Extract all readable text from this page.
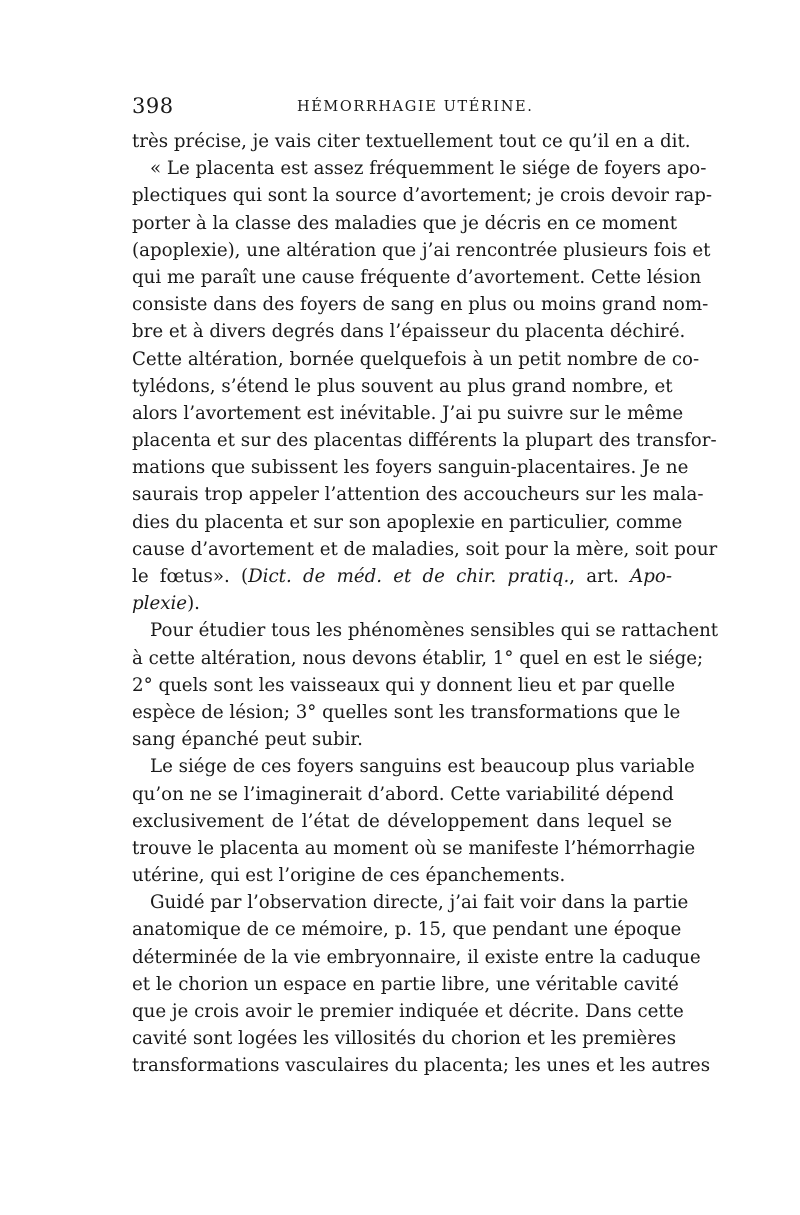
398	HÉMORRHAGIE UTÉRINE.
très précise, je vais citer textuellement tout ce qu’il en a dit.
« Le placenta est assez fréquemment le siége de foyers apo-
plectiques qui sont la source d’avortement; je crois devoir rap-
porter à la classe des maladies que je décris en ce moment
(apoplexie), une altération que j’ai rencontrée plusieurs fois et
qui me paraît une cause fréquente d’avortement. Cette lésion
consiste dans des foyers de sang en plus ou moins grand nom-
bre et à divers degrés dans l’épaisseur du placenta déchiré.
Cette altération, bornée quelquefois à un petit nombre de co-
tylédons, s’étend le plus souvent au plus grand nombre, et
alors l’avortement est inévitable. J’ai pu suivre sur le même
placenta et sur des placentas différents la plupart des transfor-
mations que subissent les foyers sanguin-placentaires. Je ne
saurais trop appeler l’attention des accoucheurs sur les mala-
dies du placenta et sur son apoplexie en particulier, comme
cause d’avortement et de maladies, soit pour la mère, soit pour
le fœtus». (Dict. de méd. et de chir. pratiq., art. Apo-
plexie).
Pour étudier tous les phénomènes sensibles qui se rattachent
à cette altération, nous devons établir, 1° quel en est le siége;
2° quels sont les vaisseaux qui y donnent lieu et par quelle
espèce de lésion; 3° quelles sont les transformations que le
sang épanché peut subir.
Le siége de ces foyers sanguins est beaucoup plus variable
qu’on ne se l’imaginerait d’abord. Cette variabilité dépend
exclusivement de l’état de développement dans lequel se
trouve le placenta au moment où se manifeste l’hémorrhagie
utérine, qui est l’origine de ces épanchements.
Guidé par l’observation directe, j’ai fait voir dans la partie
anatomique de ce mémoire, p. 15, que pendant une époque
déterminée de la vie embryonnaire, il existe entre la caduque
et le chorion un espace en partie libre, une véritable cavité
que je crois avoir le premier indiquée et décrite. Dans cette
cavité sont logées les villosités du chorion et les premières
transformations vasculaires du placenta; les unes et les autres
